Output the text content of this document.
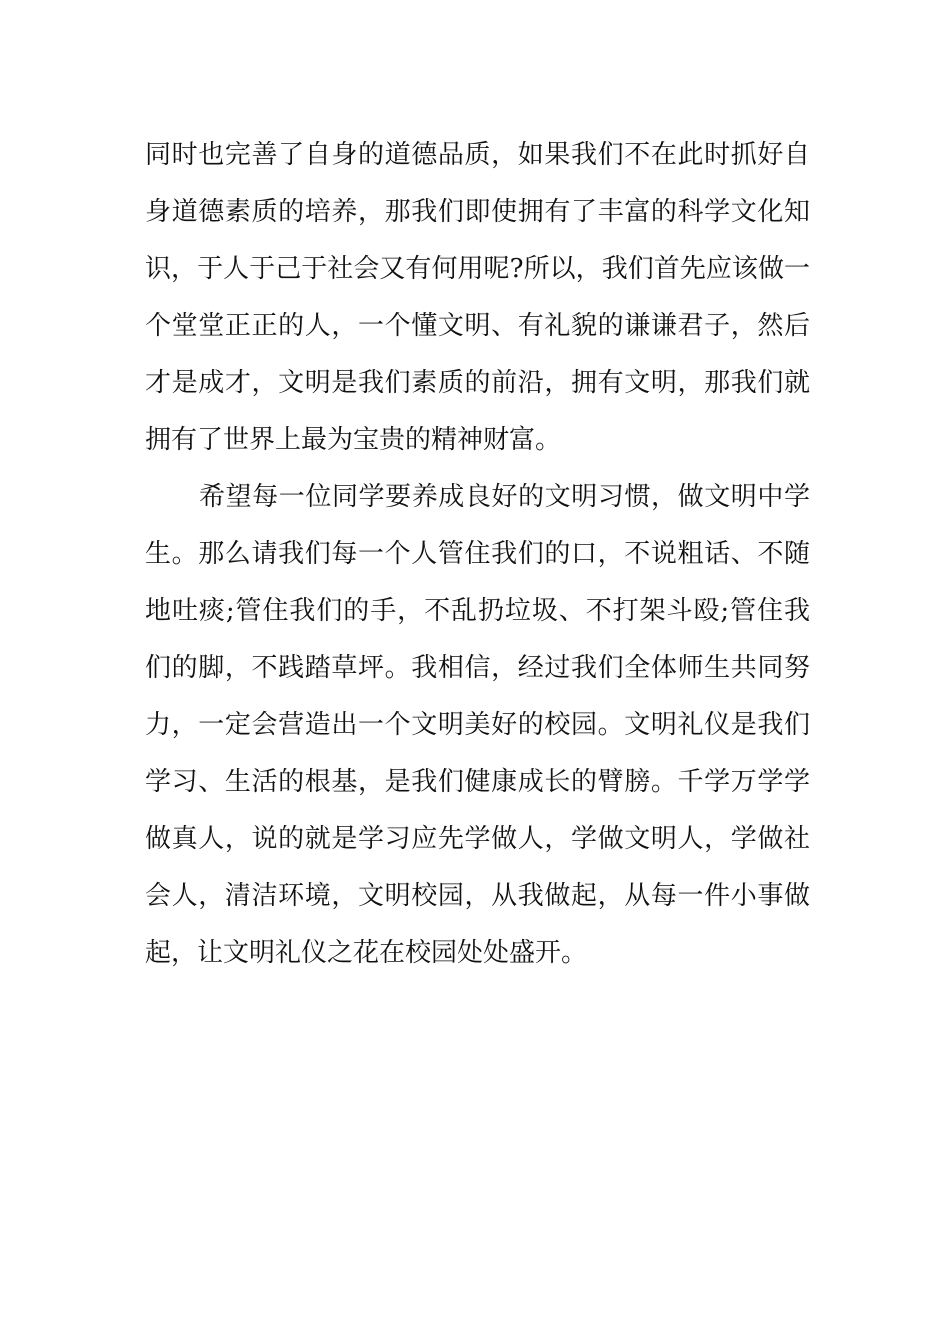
同时也完善了自身的道德品质，如果我们不在此时抓好自
身道德素质的培养，那我们即使拥有了丰富的科学文化知
识，于人于己于社会又有何用呢?所以，我们首先应该做一
个堂堂正正的人，一个懂文明、有礼貌的谦谦君子，然后
才是成才，文明是我们素质的前沿，拥有文明，那我们就
拥有了世界上最为宝贵的精神财富。
希望每一位同学要养成良好的文明习惯，做文明中学
生。那么请我们每一个人管住我们的口，不说粗话、不随
地吐痰;管住我们的手，不乱扔垃圾、不打架斗殴;管住我
们的脚，不践踏草坪。我相信，经过我们全体师生共同努
力，一定会营造出一个文明美好的校园。文明礼仪是我们
学习、生活的根基，是我们健康成长的臂膀。千学万学学
做真人，说的就是学习应先学做人，学做文明人，学做社
会人，清洁环境，文明校园，从我做起，从每一件小事做
起，让文明礼仪之花在校园处处盛开。
